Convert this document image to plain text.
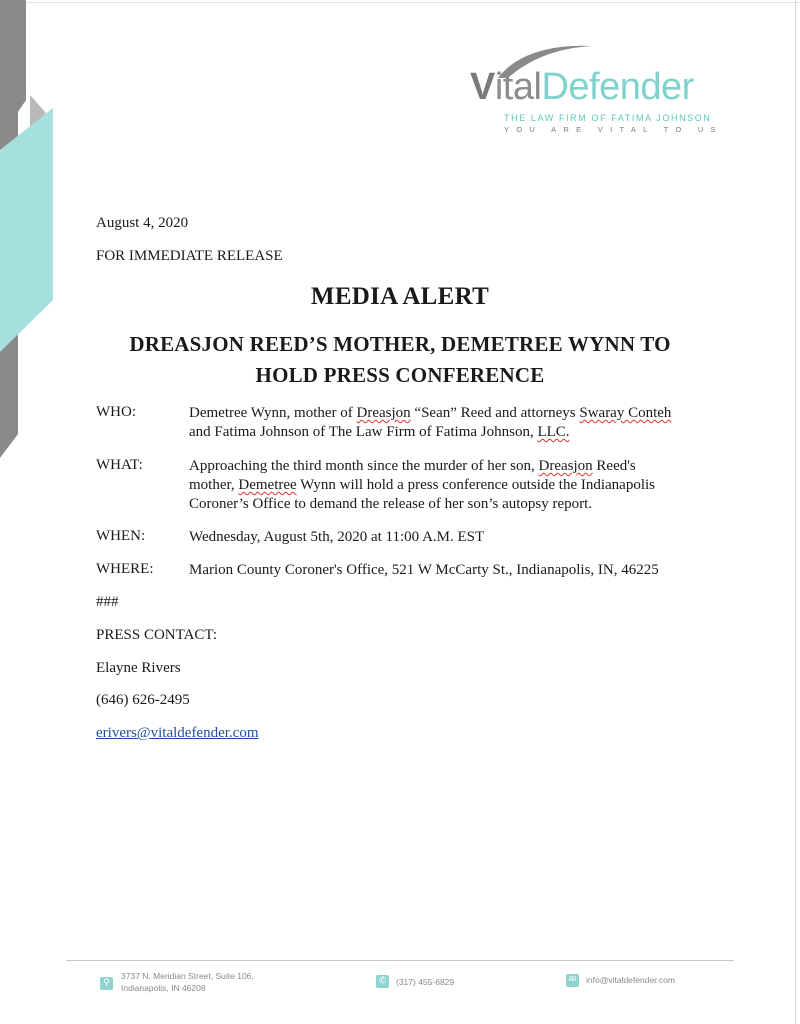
VitalDefender
THE LAW FIRM OF FATIMA JOHNSON
YOU ARE VITAL TO US
August 4, 2020
FOR IMMEDIATE RELEASE
MEDIA ALERT
DREASJON REED’S MOTHER, DEMETREE WYNN TO
HOLD PRESS CONFERENCE
WHO:	Demetree Wynn, mother of Dreasjon “Sean” Reed and attorneys Swaray Conteh
and Fatima Johnson of The Law Firm of Fatima Johnson, LLC.
WHAT:	Approaching the third month since the murder of her son, Dreasjon Reed's
mother, Demetree Wynn will hold a press conference outside the Indianapolis
Coroner’s Office to demand the release of her son’s autopsy report.
WHEN:	Wednesday, August 5th, 2020 at 11:00 A.M. EST
WHERE: Marion County Coroner's Office, 521 W McCarty St., Indianapolis, IN, 46225
###
PRESS CONTACT:
Elayne Rivers
(646) 626-2495
erivers@vitaldefender.com
⚲
3737 N. Meridian Street, Suite 106,
Indianapolis, IN 46208
✆	(317) 455-6829	✉	info@vitaldefender.com
